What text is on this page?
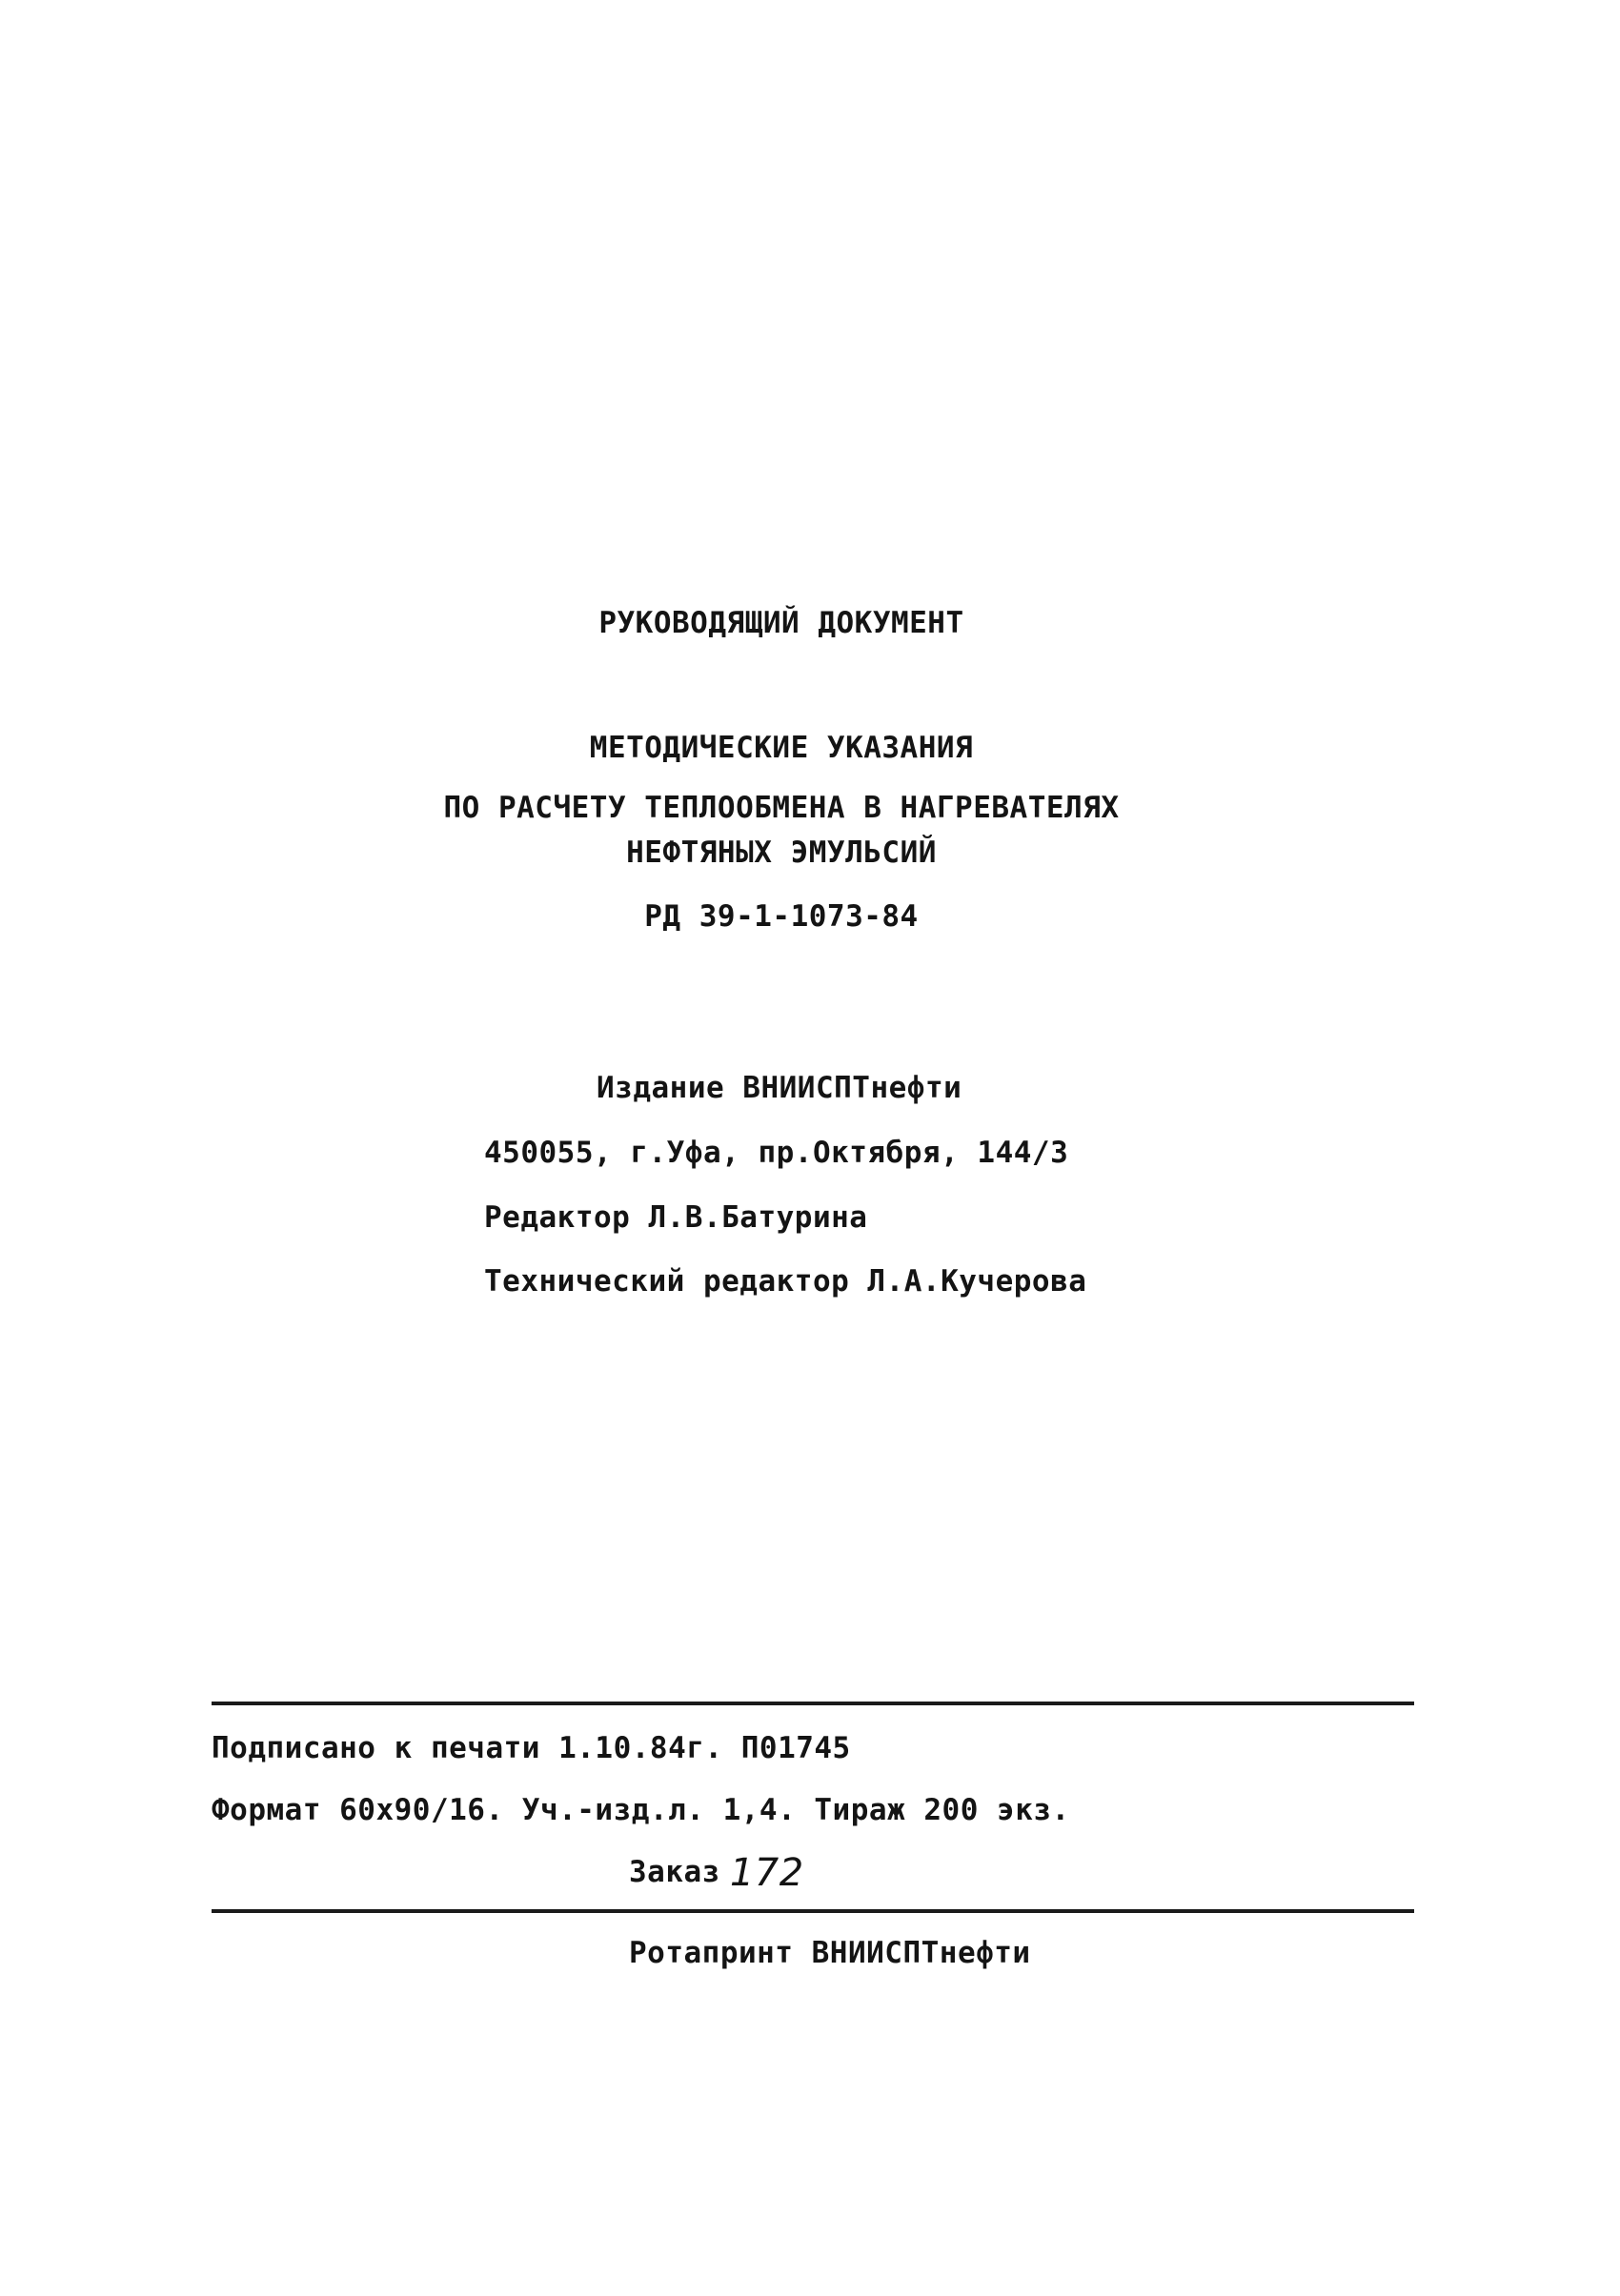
РУКОВОДЯЩИЙ ДОКУМЕНТ
МЕТОДИЧЕСКИЕ УКАЗАНИЯ
ПО РАСЧЕТУ ТЕПЛООБМЕНА В НАГРЕВАТЕЛЯХ
НЕФТЯНЫХ ЭМУЛЬСИЙ
РД 39-1-1073-84
Издание ВНИИСПТнефти
450055, г.Уфа, пр.Октября, 144/3
Редактор Л.В.Батурина
Технический редактор Л.А.Кучерова
Подписано к печати 1.10.84г. П01745
Формат 60х90/16. Уч.-изд.л. 1,4. Тираж 200 экз.
Заказ 172
Ротапринт ВНИИСПТнефти
